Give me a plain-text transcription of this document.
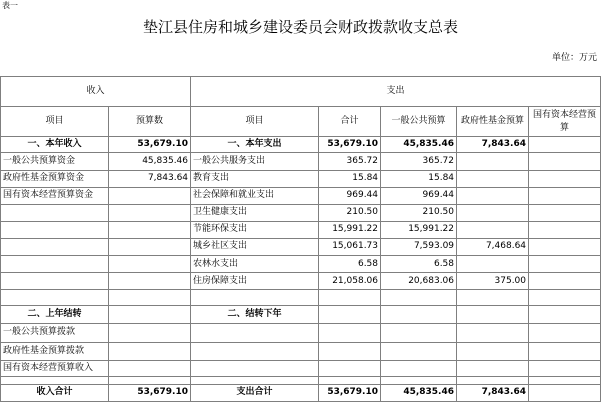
表一
垫江县住房和城乡建设委员会财政拨款收支总表
单位：万元
收入		支出				
项目	预算数	项目	合计	一般公共预算	政府性基金预算	国有资本经营预算
一、本年收入	53,679.10	一、本年支出	53,679.10	45,835.46	7,843.64	
一般公共预算资金	45,835.46	一般公共服务支出	365.72	365.72		
政府性基金预算资金	7,843.64	教育支出	15.84	15.84		
国有资本经营预算资金		社会保障和就业支出	969.44	969.44		
		卫生健康支出	210.50	210.50		
		节能环保支出	15,991.22	15,991.22		
		城乡社区支出	15,061.73	7,593.09	7,468.64	
		农林水支出	6.58	6.58		
		住房保障支出	21,058.06	20,683.06	375.00	

二、上年结转		二、结转下年				
一般公共预算拨款						
政府性基金预算拨款						
国有资本经营预算收入						

收入合计	53,679.10	支出合计	53,679.10	45,835.46	7,843.64	
